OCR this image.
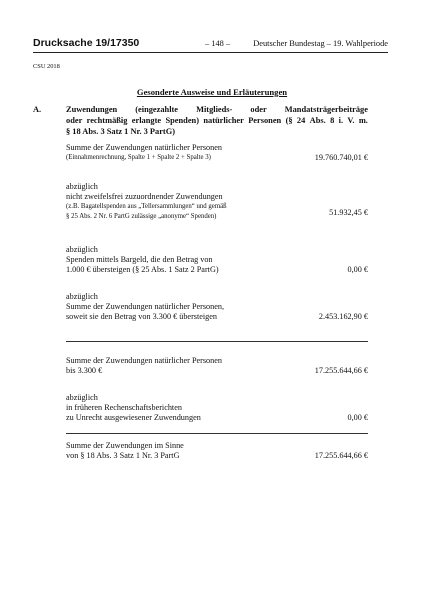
Drucksache 19/17350	– 148 –	Deutscher Bundestag – 19. Wahlperiode
CSU 2018
Gesonderte Ausweise und Erläuterungen
A.	Zuwendungen (eingezahlte Mitglieds- oder Mandatsträgerbeiträge
oder rechtmäßig erlangte Spenden) natürlicher Personen (§ 24 Abs. 8 i. V. m.
§ 18 Abs. 3 Satz 1 Nr. 3 PartG)
Summe der Zuwendungen natürlicher Personen
(Einnahmenrechnung, Spalte 1 + Spalte 2 + Spalte 3)	19.760.740,01 €
abzüglich
nicht zweifelsfrei zuzuordnender Zuwendungen
(z.B. Bagatellspenden aus „Tellersammlungen“ und gemäß
§ 25 Abs. 2 Nr. 6 PartG zulässige „anonyme“ Spenden)	51.932,45 €
abzüglich
Spenden mittels Bargeld, die den Betrag von
1.000 € übersteigen (§ 25 Abs. 1 Satz 2 PartG)	0,00 €
abzüglich
Summe der Zuwendungen natürlicher Personen,
soweit sie den Betrag von 3.300 € übersteigen	2.453.162,90 €
Summe der Zuwendungen natürlicher Personen
bis 3.300 €	17.255.644,66 €
abzüglich
in früheren Rechenschaftsberichten
zu Unrecht ausgewiesener Zuwendungen	0,00 €
Summe der Zuwendungen im Sinne
von § 18 Abs. 3 Satz 1 Nr. 3 PartG	17.255.644,66 €
